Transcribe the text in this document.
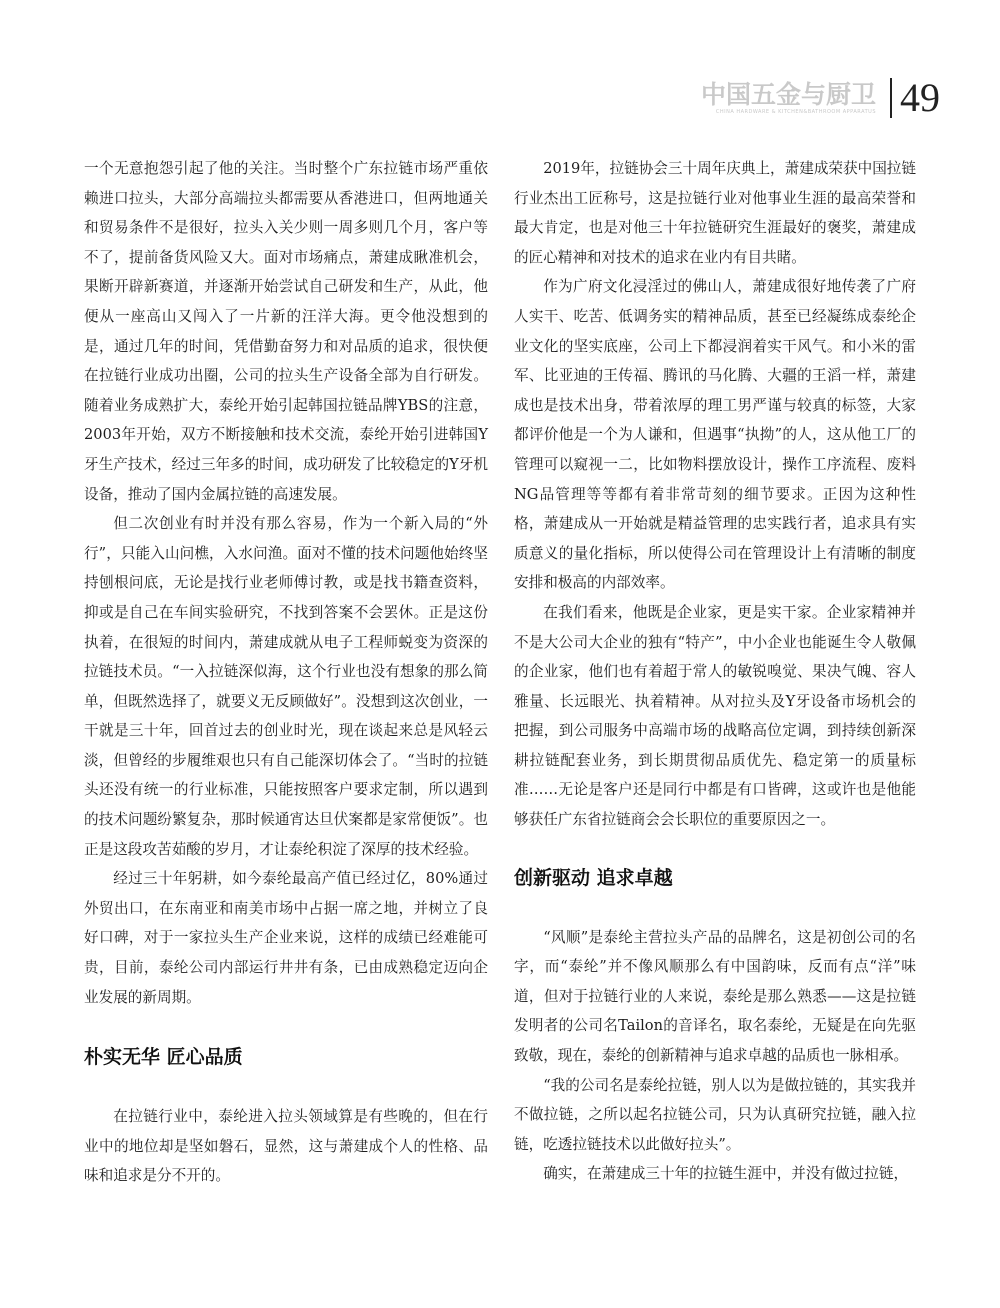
中国五金与厨卫
CHINA HARDWARE & KITCHEN&BATHROOM APPARATUS 49

一个无意抱怨引起了他的关注。当时整个广东拉链市场严重依赖进口拉头，大部分高端拉头都需要从香港进口，但两地通关和贸易条件不是很好，拉头入关少则一周多则几个月，客户等不了，提前备货风险又大。面对市场痛点，萧建成瞅准机会，果断开辟新赛道，并逐渐开始尝试自己研发和生产，从此，他便从一座高山又闯入了一片新的汪洋大海。更令他没想到的是，通过几年的时间，凭借勤奋努力和对品质的追求，很快便在拉链行业成功出圈，公司的拉头生产设备全部为自行研发。随着业务成熟扩大，泰纶开始引起韩国拉链品牌YBS的注意，2003年开始，双方不断接触和技术交流，泰纶开始引进韩国Y牙生产技术，经过三年多的时间，成功研发了比较稳定的Y牙机设备，推动了国内金属拉链的高速发展。

但二次创业有时并没有那么容易，作为一个新入局的“外行”，只能入山问樵，入水问渔。面对不懂的技术问题他始终坚持刨根问底，无论是找行业老师傅讨教，或是找书籍查资料，抑或是自己在车间实验研究，不找到答案不会罢休。正是这份执着，在很短的时间内，萧建成就从电子工程师蜕变为资深的拉链技术员。“一入拉链深似海，这个行业也没有想象的那么简单，但既然选择了，就要义无反顾做好”。没想到这次创业，一干就是三十年，回首过去的创业时光，现在谈起来总是风轻云淡，但曾经的步履维艰也只有自己能深切体会了。“当时的拉链头还没有统一的行业标准，只能按照客户要求定制，所以遇到的技术问题纷繁复杂，那时候通宵达旦伏案都是家常便饭”。也正是这段攻苦茹酸的岁月，才让泰纶积淀了深厚的技术经验。

经过三十年躬耕，如今泰纶最高产值已经过亿，80%通过外贸出口，在东南亚和南美市场中占据一席之地，并树立了良好口碑，对于一家拉头生产企业来说，这样的成绩已经难能可贵，目前，泰纶公司内部运行井井有条，已由成熟稳定迈向企业发展的新周期。

朴实无华 匠心品质

在拉链行业中，泰纶进入拉头领域算是有些晚的，但在行业中的地位却是坚如磐石，显然，这与萧建成个人的性格、品味和追求是分不开的。

2019年，拉链协会三十周年庆典上，萧建成荣获中国拉链行业杰出工匠称号，这是拉链行业对他事业生涯的最高荣誉和最大肯定，也是对他三十年拉链研究生涯最好的褒奖，萧建成的匠心精神和对技术的追求在业内有目共睹。

作为广府文化浸淫过的佛山人，萧建成很好地传袭了广府人实干、吃苦、低调务实的精神品质，甚至已经凝练成泰纶企业文化的坚实底座，公司上下都浸润着实干风气。和小米的雷军、比亚迪的王传福、腾讯的马化腾、大疆的王滔一样，萧建成也是技术出身，带着浓厚的理工男严谨与较真的标签，大家都评价他是一个为人谦和，但遇事“执拗”的人，这从他工厂的管理可以窥视一二，比如物料摆放设计，操作工序流程、废料NG品管理等等都有着非常苛刻的细节要求。正因为这种性格，萧建成从一开始就是精益管理的忠实践行者，追求具有实质意义的量化指标，所以使得公司在管理设计上有清晰的制度安排和极高的内部效率。

在我们看来，他既是企业家，更是实干家。企业家精神并不是大公司大企业的独有“特产”，中小企业也能诞生令人敬佩的企业家，他们也有着超于常人的敏锐嗅觉、果决气魄、容人雅量、长远眼光、执着精神。从对拉头及Y牙设备市场机会的把握，到公司服务中高端市场的战略高位定调，到持续创新深耕拉链配套业务，到长期贯彻品质优先、稳定第一的质量标准……无论是客户还是同行中都是有口皆碑，这或许也是他能够获任广东省拉链商会会长职位的重要原因之一。

创新驱动 追求卓越

“风顺”是泰纶主营拉头产品的品牌名，这是初创公司的名字，而“泰纶”并不像风顺那么有中国韵味，反而有点“洋”味道，但对于拉链行业的人来说，泰纶是那么熟悉——这是拉链发明者的公司名Tailon的音译名，取名泰纶，无疑是在向先驱致敬，现在，泰纶的创新精神与追求卓越的品质也一脉相承。

“我的公司名是泰纶拉链，别人以为是做拉链的，其实我并不做拉链，之所以起名拉链公司，只为认真研究拉链，融入拉链，吃透拉链技术以此做好拉头”。

确实，在萧建成三十年的拉链生涯中，并没有做过拉链，
